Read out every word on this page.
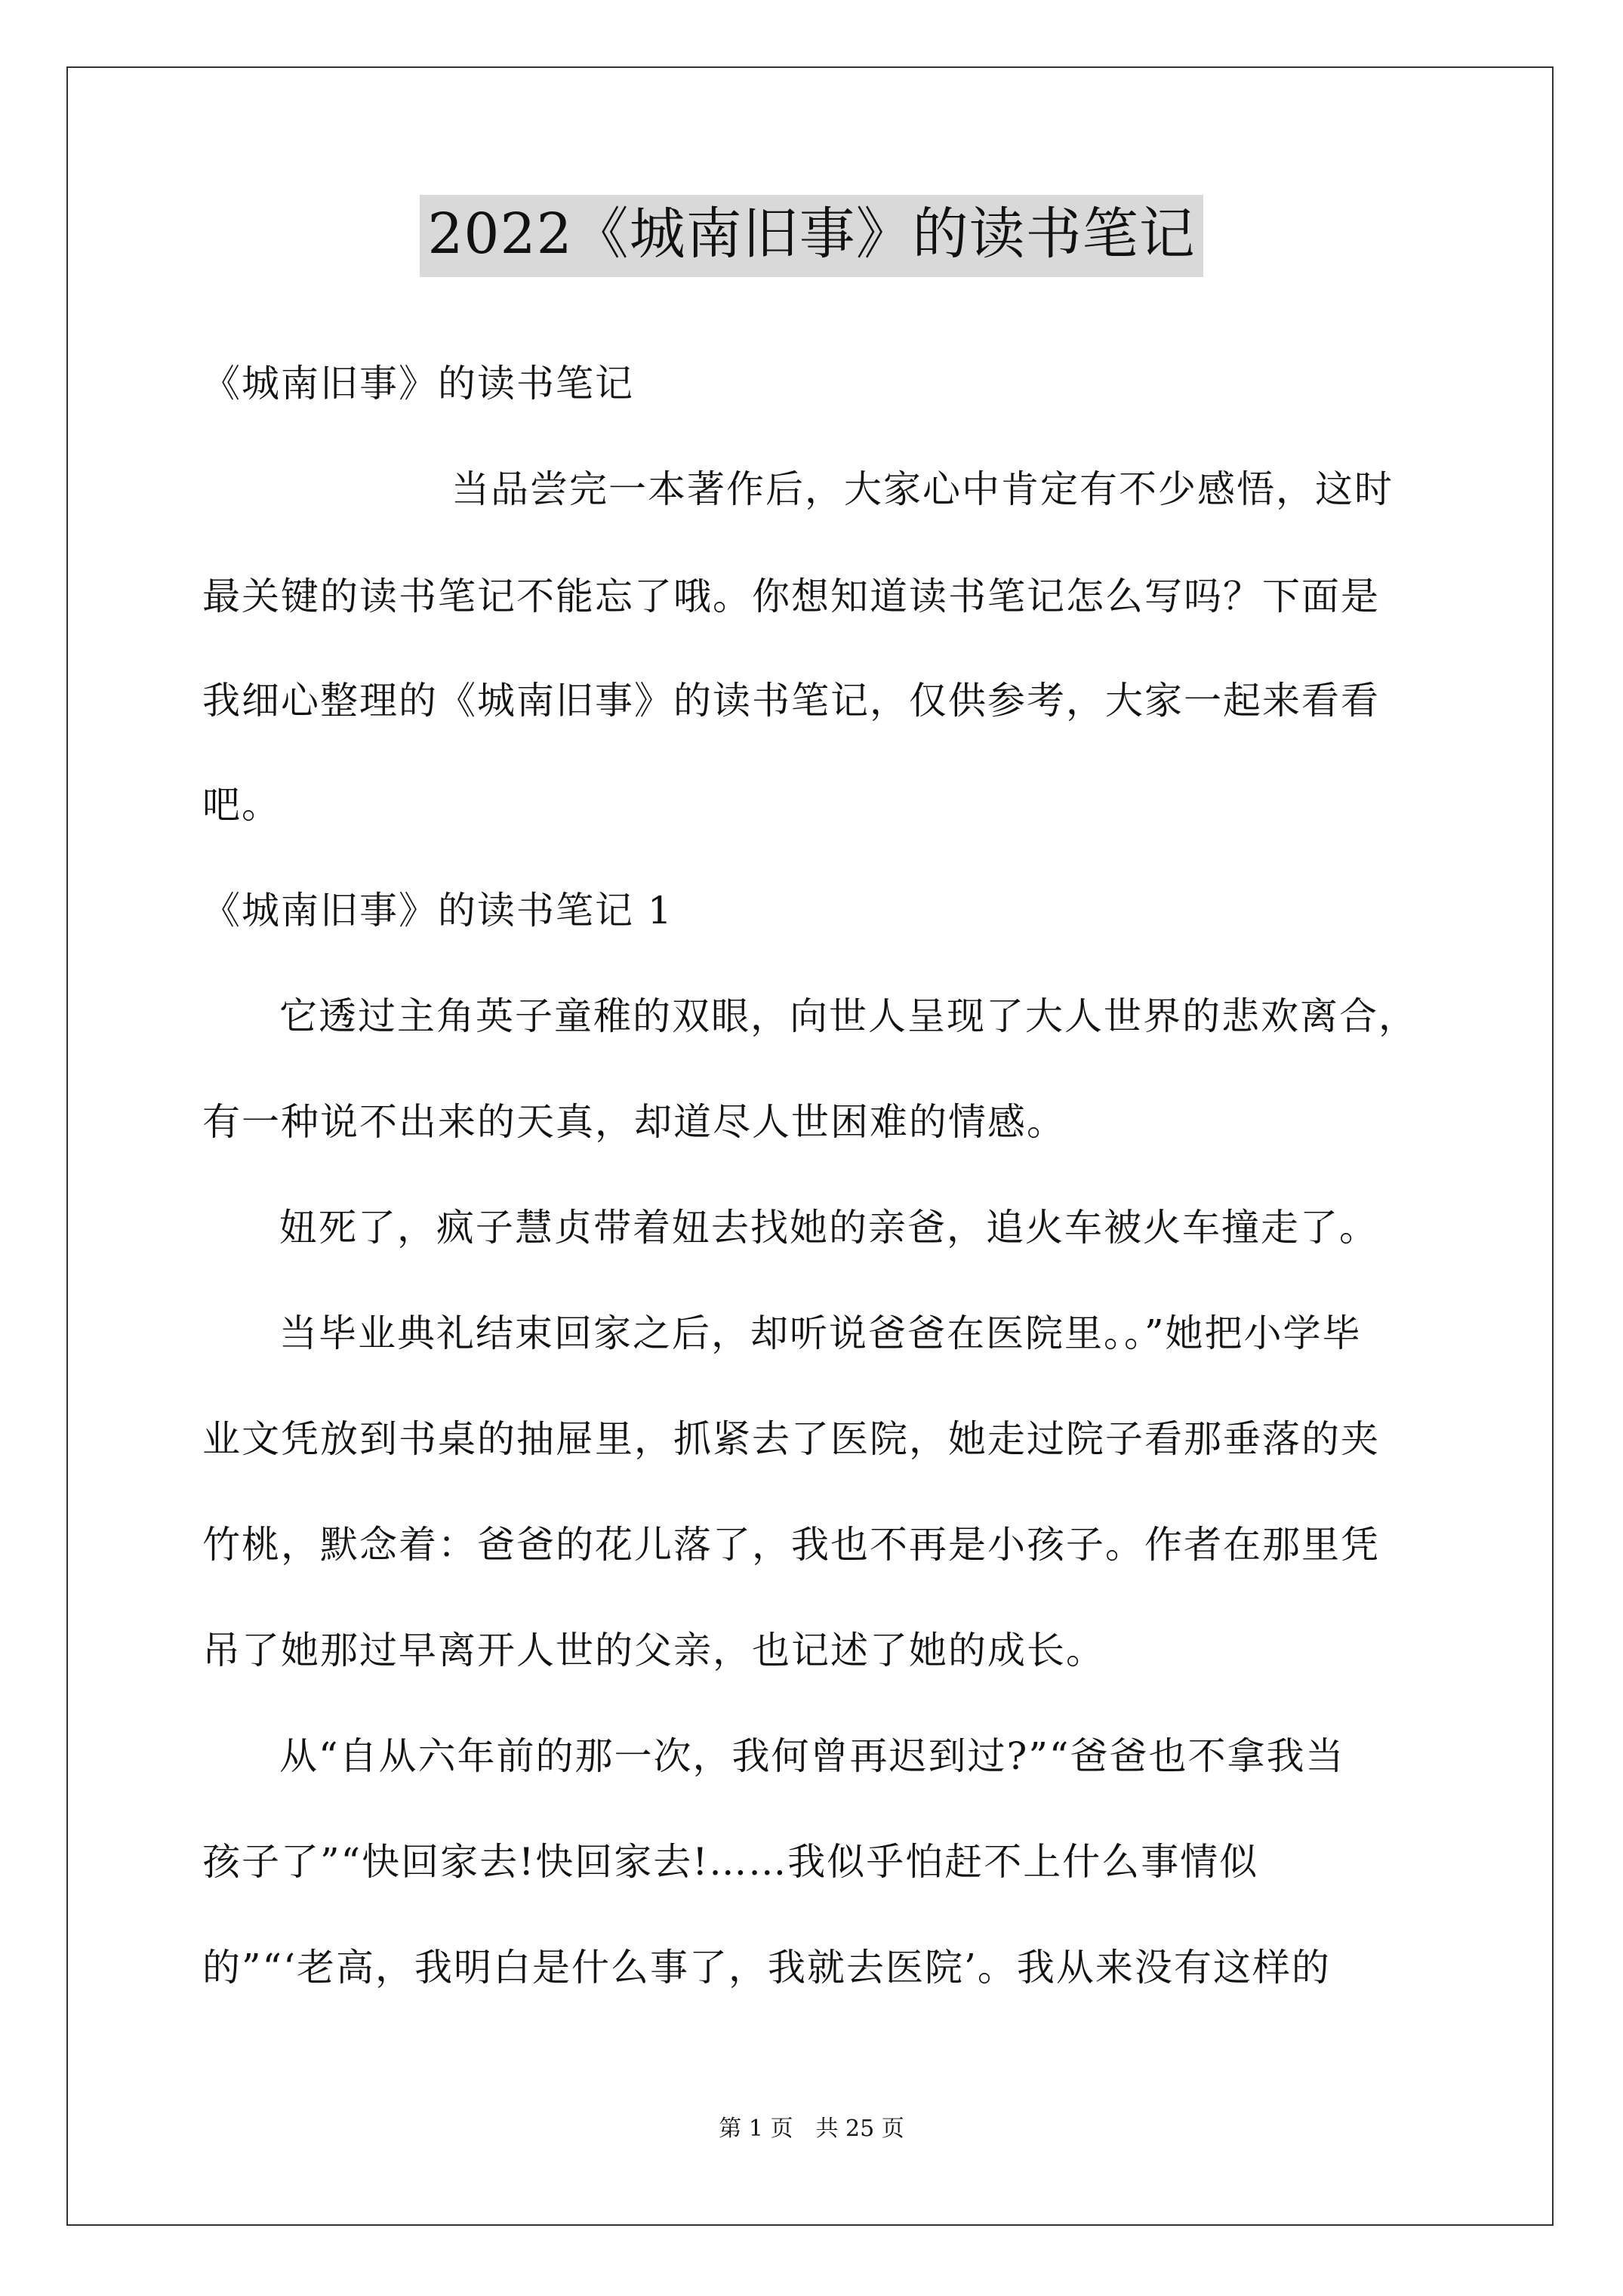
2022《城南旧事》的读书笔记
《城南旧事》的读书笔记
当品尝完一本著作后，大家心中肯定有不少感悟，这时
最关键的读书笔记不能忘了哦。你想知道读书笔记怎么写吗？下面是
我细心整理的《城南旧事》的读书笔记，仅供参考，大家一起来看看
吧。
《城南旧事》的读书笔记 1
它透过主角英子童稚的双眼，向世人呈现了大人世界的悲欢离合，
有一种说不出来的天真，却道尽人世困难的情感。
妞死了，疯子慧贞带着妞去找她的亲爸，追火车被火车撞走了。
当毕业典礼结束回家之后，却听说爸爸在医院里。。”她把小学毕
业文凭放到书桌的抽屉里，抓紧去了医院，她走过院子看那垂落的夹
竹桃，默念着：爸爸的花儿落了，我也不再是小孩子。作者在那里凭
吊了她那过早离开人世的父亲，也记述了她的成长。
从“自从六年前的那一次，我何曾再迟到过?”“爸爸也不拿我当
孩子了”“快回家去!快回家去!……我似乎怕赶不上什么事情似
的”“‘老高，我明白是什么事了，我就去医院’。我从来没有这样的
第 1 页　共 25 页
